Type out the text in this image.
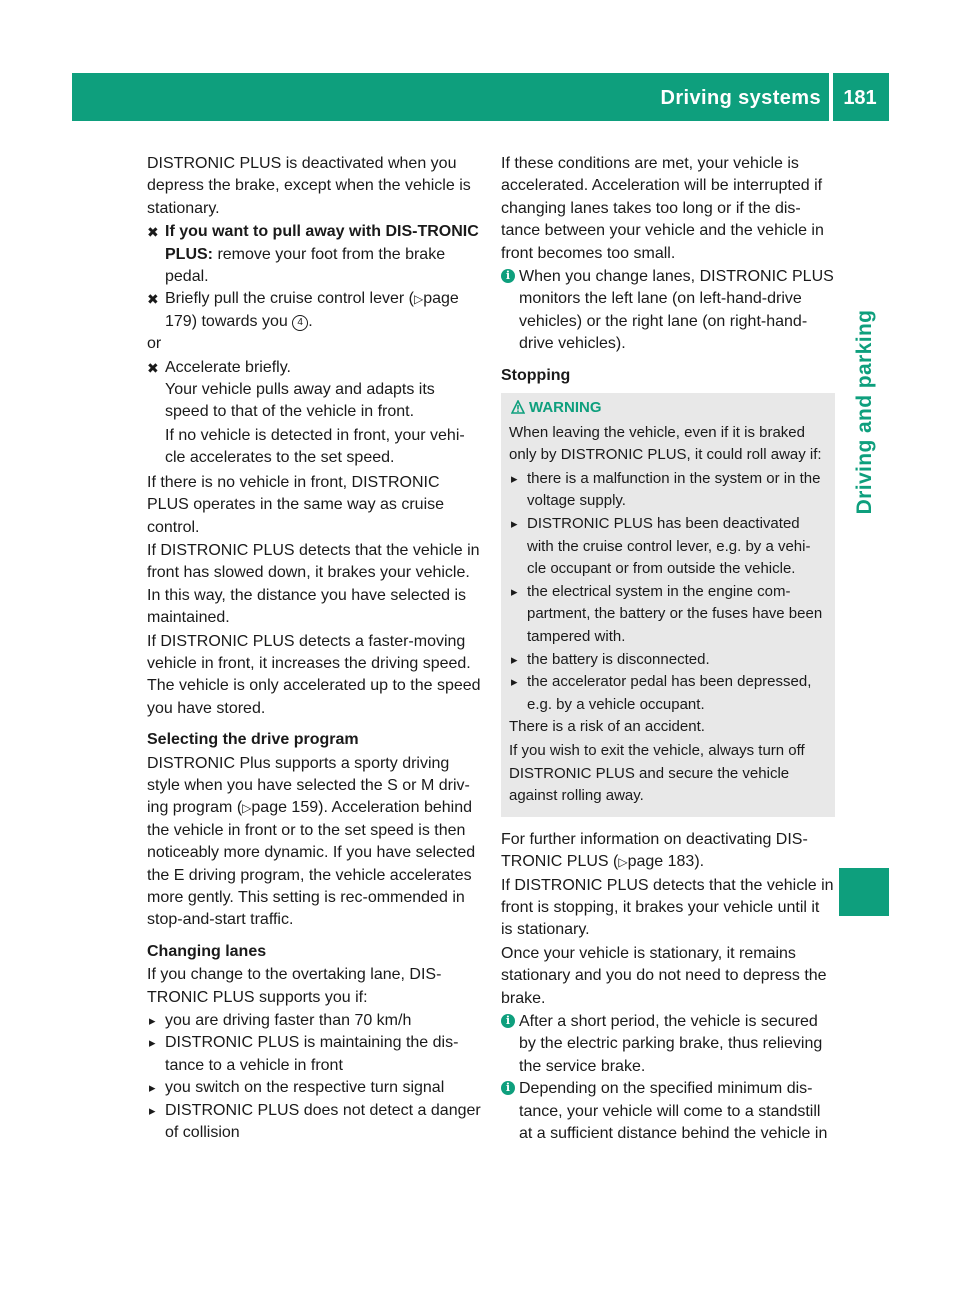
Driving systems	181
Driving and parking

DISTRONIC PLUS is deactivated when you depress the brake, except when the vehicle is stationary.

✖ If you want to pull away with DIS-TRONIC PLUS: remove your foot from the brake pedal.
✖ Briefly pull the cruise control lever (▷page 179) towards you 4 .

or

✖ Accelerate briefly.

Your vehicle pulls away and adapts its speed to that of the vehicle in front.

If no vehicle is detected in front, your vehi-cle accelerates to the set speed.

If there is no vehicle in front, DISTRONIC PLUS operates in the same way as cruise control.

If DISTRONIC PLUS detects that the vehicle in front has slowed down, it brakes your vehicle. In this way, the distance you have selected is maintained.

If DISTRONIC PLUS detects a faster-moving vehicle in front, it increases the driving speed. The vehicle is only accelerated up to the speed you have stored.

Selecting the drive program

DISTRONIC Plus supports a sporty driving style when you have selected the S or M driv-ing program (▷page 159). Acceleration behind the vehicle in front or to the set speed is then noticeably more dynamic. If you have selected the E driving program, the vehicle accelerates more gently. This setting is rec-ommended in stop-and-start traffic.

Changing lanes

If you change to the overtaking lane, DIS-TRONIC PLUS supports you if:

▸ you are driving faster than 70 km/h
▸ DISTRONIC PLUS is maintaining the dis-tance to a vehicle in front
▸ you switch on the respective turn signal
▸ DISTRONIC PLUS does not detect a danger of collision

If these conditions are met, your vehicle is accelerated. Acceleration will be interrupted if changing lanes takes too long or if the dis-tance between your vehicle and the vehicle in front becomes too small.

i When you change lanes, DISTRONIC PLUS monitors the left lane (on left-hand-drive vehicles) or the right lane (on right-hand-drive vehicles).

Stopping

WARNING

When leaving the vehicle, even if it is braked only by DISTRONIC PLUS, it could roll away if:

▸ there is a malfunction in the system or in the voltage supply.
▸ DISTRONIC PLUS has been deactivated with the cruise control lever, e.g. by a vehi-cle occupant or from outside the vehicle.
▸ the electrical system in the engine com-partment, the battery or the fuses have been tampered with.
▸ the battery is disconnected.
▸ the accelerator pedal has been depressed, e.g. by a vehicle occupant.

There is a risk of an accident.

If you wish to exit the vehicle, always turn off DISTRONIC PLUS and secure the vehicle against rolling away.

For further information on deactivating DIS-TRONIC PLUS (▷page 183).

If DISTRONIC PLUS detects that the vehicle in front is stopping, it brakes your vehicle until it is stationary.

Once your vehicle is stationary, it remains stationary and you do not need to depress the brake.

i After a short period, the vehicle is secured by the electric parking brake, thus relieving the service brake.
i Depending on the specified minimum dis-tance, your vehicle will come to a standstill at a sufficient distance behind the vehicle in
